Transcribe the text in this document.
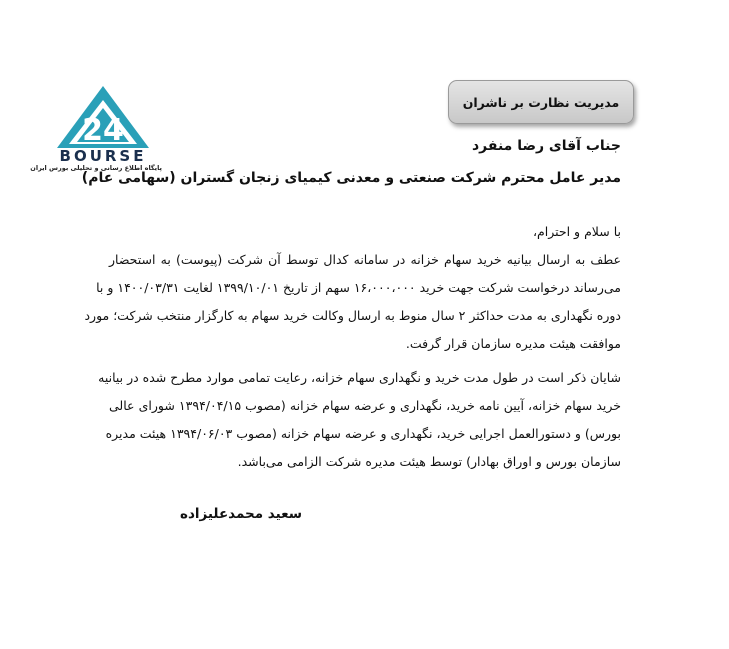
24
BOURSE
پایگاه اطلاع رسانی و تحلیلی بورس ایران
مدیریت نظارت بر ناشران
جناب آقای رضا منفرد
مدیر عامل محترم شرکت صنعتی و معدنی کیمیای زنجان گستران (سهامی عام)
با سلام و احترام،
عطف به ارسال بیانیه خرید سهام خزانه در سامانه کدال توسط آن شرکت (پیوست) به استحضار
می‌رساند درخواست شرکت جهت خرید ۱۶،۰۰۰،۰۰۰ سهم از تاریخ ۱۳۹۹/۱۰/۰۱ لغایت ۱۴۰۰/۰۳/۳۱ و با
دوره نگهداری به مدت حداکثر ۲ سال منوط به ارسال وکالت خرید سهام به کارگزار منتخب شرکت؛ مورد
موافقت هیئت مدیره سازمان قرار گرفت.
شایان ذکر است در طول مدت خرید و نگهداری سهام خزانه، رعایت تمامی موارد مطرح شده در بیانیه
خرید سهام خزانه، آیین نامه خرید، نگهداری و عرضه سهام خزانه (مصوب ۱۳۹۴/۰۴/۱۵ شورای عالی
بورس) و دستورالعمل اجرایی خرید، نگهداری و عرضه سهام خزانه (مصوب ۱۳۹۴/۰۶/۰۳ هیئت مدیره
سازمان بورس و اوراق بهادار) توسط هیئت مدیره شرکت الزامی می‌باشد.
سعید محمدعلیزاده
